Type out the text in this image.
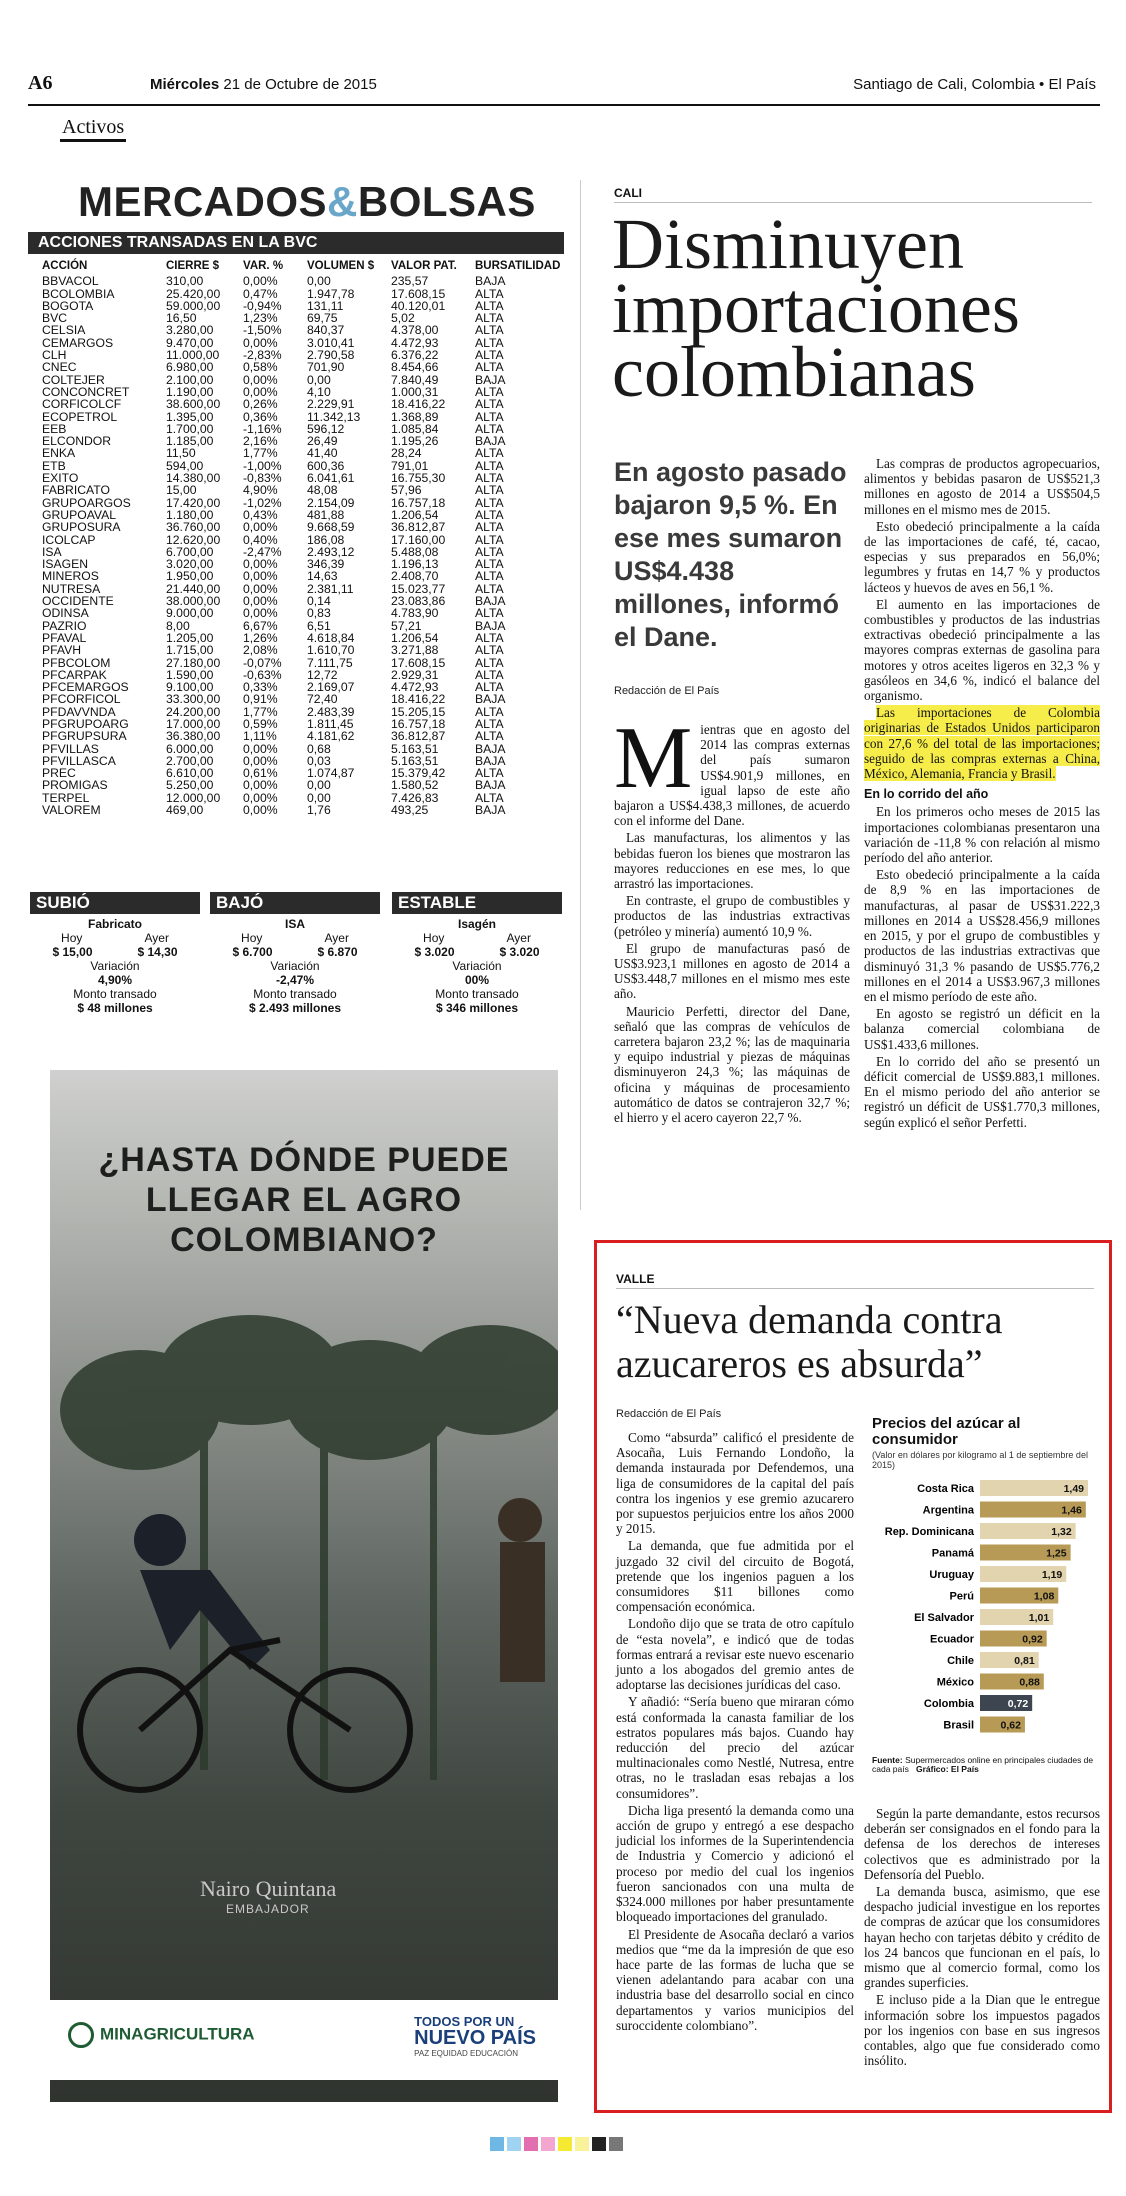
A6	Miércoles 21 de Octubre de 2015	Santiago de Cali, Colombia • El País
Activos
MERCADOS&BOLSAS
ACCIONES TRANSADAS EN LA BVC
ACCIÓN	CIERRE $	VAR. %	VOLUMEN $	VALOR PAT.	BURSATILIDAD
BBVACOL	310,00	0,00%	0,00	235,57	BAJA
BCOLOMBIA	25.420,00	0,47%	1.947,78	17.608,15	ALTA
BOGOTA	59.000,00	-0,94%	131,11	40.120,01	ALTA
BVC	16,50	1,23%	69,75	5,02	ALTA
CELSIA	3.280,00	-1,50%	840,37	4.378,00	ALTA
CEMARGOS	9.470,00	0,00%	3.010,41	4.472,93	ALTA
CLH	11.000,00	-2,83%	2.790,58	6.376,22	ALTA
CNEC	6.980,00	0,58%	701,90	8.454,66	ALTA
COLTEJER	2.100,00	0,00%	0,00	7.840,49	BAJA
CONCONCRET	1.190,00	0,00%	4,10	1.000,31	ALTA
CORFICOLCF	38.600,00	0,26%	2.229,91	18.416,22	ALTA
ECOPETROL	1.395,00	0,36%	11.342,13	1.368,89	ALTA
EEB	1.700,00	-1,16%	596,12	1.085,84	ALTA
ELCONDOR	1.185,00	2,16%	26,49	1.195,26	BAJA
ENKA	11,50	1,77%	41,40	28,24	ALTA
ETB	594,00	-1,00%	600,36	791,01	ALTA
EXITO	14.380,00	-0,83%	6.041,61	16.755,30	ALTA
FABRICATO	15,00	4,90%	48,08	57,96	ALTA
GRUPOARGOS	17.420,00	-1,02%	2.154,09	16.757,18	ALTA
GRUPOAVAL	1.180,00	0,43%	481,88	1.206,54	ALTA
GRUPOSURA	36.760,00	0,00%	9.668,59	36.812,87	ALTA
ICOLCAP	12.620,00	0,40%	186,08	17.160,00	ALTA
ISA	6.700,00	-2,47%	2.493,12	5.488,08	ALTA
ISAGEN	3.020,00	0,00%	346,39	1.196,13	ALTA
MINEROS	1.950,00	0,00%	14,63	2.408,70	ALTA
NUTRESA	21.440,00	0,00%	2.381,11	15.023,77	ALTA
OCCIDENTE	38.000,00	0,00%	0,14	23.083,86	BAJA
ODINSA	9.000,00	0,00%	0,83	4.783,90	ALTA
PAZRIO	8,00	6,67%	6,51	57,21	BAJA
PFAVAL	1.205,00	1,26%	4.618,84	1.206,54	ALTA
PFAVH	1.715,00	2,08%	1.610,70	3.271,88	ALTA
PFBCOLOM	27.180,00	-0,07%	7.111,75	17.608,15	ALTA
PFCARPAK	1.590,00	-0,63%	12,72	2.929,31	ALTA
PFCEMARGOS	9.100,00	0,33%	2.169,07	4.472,93	ALTA
PFCORFICOL	33.300,00	0,91%	72,40	18.416,22	BAJA
PFDAVVNDA	24.200,00	1,77%	2.483,39	15.205,15	ALTA
PFGRUPOARG	17.000,00	0,59%	1.811,45	16.757,18	ALTA
PFGRUPSURA	36.380,00	1,11%	4.181,62	36.812,87	ALTA
PFVILLAS	6.000,00	0,00%	0,68	5.163,51	BAJA
PFVILLASCA	2.700,00	0,00%	0,03	5.163,51	BAJA
PREC	6.610,00	0,61%	1.074,87	15.379,42	ALTA
PROMIGAS	5.250,00	0,00%	0,00	1.580,52	BAJA
TERPEL	12.000,00	0,00%	0,00	7.426,83	ALTA
VALOREM	469,00	0,00%	1,76	493,25	BAJA
SUBIÓ
Fabricato
Hoy	Ayer
$ 15,00	$ 14,30
Variación
4,90%
Monto transado
$ 48 millones
BAJÓ
ISA
Hoy	Ayer
$ 6.700	$ 6.870
Variación
-2,47%
Monto transado
$ 2.493 millones
ESTABLE
Isagén
Hoy	Ayer
$ 3.020	$ 3.020
Variación
00%
Monto transado
$ 346 millones
CALI
Disminuyen importaciones colombianas
En agosto pasado bajaron 9,5 %. En ese mes sumaron US$4.438 millones, informó el Dane.
Redacción de El País

Mientras que en agosto del 2014 las compras externas del país sumaron US$4.901,9 millones, en igual lapso de este año bajaron a US$4.438,3 millones, de acuerdo con el informe del Dane.

Las manufacturas, los alimentos y las bebidas fueron los bienes que mostraron las mayores reducciones en ese mes, lo que arrastró las importaciones.

En contraste, el grupo de combustibles y productos de las industrias extractivas (petróleo y minería) aumentó 10,9 %.

El grupo de manufacturas pasó de US$3.923,1 millones en agosto de 2014 a US$3.448,7 millones en el mismo mes este año.

Mauricio Perfetti, director del Dane, señaló que las compras de vehículos de carretera bajaron 23,2 %; las de maquinaria y equipo industrial y piezas de máquinas disminuyeron 24,3 %; las máquinas de oficina y máquinas de procesamiento automático de datos se contrajeron 32,7 %; el hierro y el acero cayeron 22,7 %.

Las compras de productos agropecuarios, alimentos y bebidas pasaron de US$521,3 millones en agosto de 2014 a US$504,5 millones en el mismo mes de 2015.

Esto obedeció principalmente a la caída de las importaciones de café, té, cacao, especias y sus preparados en 56,0%; legumbres y frutas en 14,7 % y productos lácteos y huevos de aves en 56,1 %.

El aumento en las importaciones de combustibles y productos de las industrias extractivas obedeció principalmente a las mayores compras externas de gasolina para motores y otros aceites ligeros en 32,3 % y gasóleos en 34,6 %, indicó el balance del organismo.

Las importaciones de Colombia originarias de Estados Unidos participaron con 27,6 % del total de las importaciones; seguido de las compras externas a China, México, Alemania, Francia y Brasil.

En lo corrido del año

En los primeros ocho meses de 2015 las importaciones colombianas presentaron una variación de -11,8 % con relación al mismo período del año anterior.

Esto obedeció principalmente a la caída de 8,9 % en las importaciones de manufacturas, al pasar de US$31.222,3 millones en 2014 a US$28.456,9 millones en 2015, y por el grupo de combustibles y productos de las industrias extractivas que disminuyó 31,3 % pasando de US$5.776,2 millones en el 2014 a US$3.967,3 millones en el mismo período de este año.

En agosto se registró un déficit en la balanza comercial colombiana de US$1.433,6 millones.

En lo corrido del año se presentó un déficit comercial de US$9.883,1 millones. En el mismo periodo del año anterior se registró un déficit de US$1.770,3 millones, según explicó el señor Perfetti.

¿HASTA DÓNDE PUEDE LLEGAR EL AGRO COLOMBIANO?
Nairo Quintana
EMBAJADOR
MINAGRICULTURA
TODOS POR UN
NUEVO PAÍS
PAZ EQUIDAD EDUCACIÓN
VALLE
“Nueva demanda contra azucareros es absurda”
Redacción de El País

Como “absurda” calificó el presidente de Asocaña, Luis Fernando Londoño, la demanda instaurada por Defendemos, una liga de consumidores de la capital del país contra los ingenios y ese gremio azucarero por supuestos perjuicios entre los años 2000 y 2015.

La demanda, que fue admitida por el juzgado 32 civil del circuito de Bogotá, pretende que los ingenios paguen a los consumidores $11 billones como compensación económica.

Londoño dijo que se trata de otro capítulo de “esta novela”, e indicó que de todas formas entrará a revisar este nuevo escenario junto a los abogados del gremio antes de adoptarse las decisiones jurídicas del caso.

Y añadió: “Sería bueno que miraran cómo está conformada la canasta familiar de los estratos populares más bajos. Cuando hay reducción del precio del azúcar multinacionales como Nestlé, Nutresa, entre otras, no le trasladan esas rebajas a los consumidores”.

Dicha liga presentó la demanda como una acción de grupo y entregó a ese despacho judicial los informes de la Superintendencia de Industria y Comercio y adicionó el proceso por medio del cual los ingenios fueron sancionados con una multa de $324.000 millones por haber presuntamente bloqueado importaciones del granulado.

El Presidente de Asocaña declaró a varios medios que “me da la impresión de que eso hace parte de las formas de lucha que se vienen adelantando para acabar con una industria base del desarrollo social en cinco departamentos y varios municipios del suroccidente colombiano”.

Precios del azúcar al consumidor
(Valor en dólares por kilogramo al 1 de septiembre del 2015)
Costa Rica	1,49
Argentina	1,46
Rep. Dominicana	1,32
Panamá	1,25
Uruguay	1,19
Perú	1,08
El Salvador	1,01
Ecuador	0,92
Chile	0,81
México	0,88
Colombia	0,72
Brasil	0,62
Fuente: Supermercados online en principales ciudades de cada país Gráfico: El País

Según la parte demandante, estos recursos deberán ser consignados en el fondo para la defensa de los derechos de intereses colectivos que es administrado por la Defensoría del Pueblo.

La demanda busca, asimismo, que ese despacho judicial investigue en los reportes de compras de azúcar que los consumidores hayan hecho con tarjetas débito y crédito de los 24 bancos que funcionan en el país, lo mismo que al comercio formal, como los grandes superficies.

E incluso pide a la Dian que le entregue información sobre los impuestos pagados por los ingenios con base en sus ingresos contables, algo que fue considerado como insólito.
